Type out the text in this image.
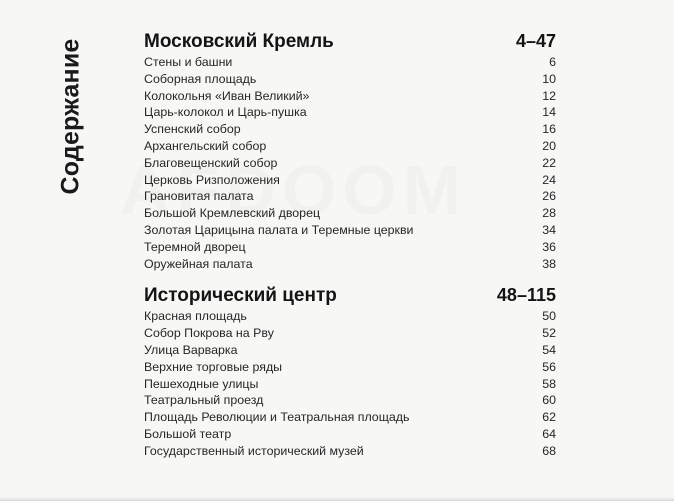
Содержание	Московский Кремль	4–47
Стены и башни	6
Соборная площадь	10
Колокольня «Иван Великий»	12
Царь-колокол и Царь-пушка	14
Успенский собор	16
Архангельский собор	20
Благовещенский собор	22
Церковь Ризположения	24
Грановитая палата	26
Большой Кремлевский дворец	28
Золотая Царицына палата и Теремные церкви	34
Теремной дворец	36
Оружейная палата	38
Исторический центр	48–115
Красная площадь	50
Собор Покрова на Рву	52
Улица Варварка	54
Верхние торговые ряды	56
Пешеходные улицы	58
Театральный проезд	60
Площадь Революции и Театральная площадь	62
Большой театр	64
Государственный исторический музей	68
